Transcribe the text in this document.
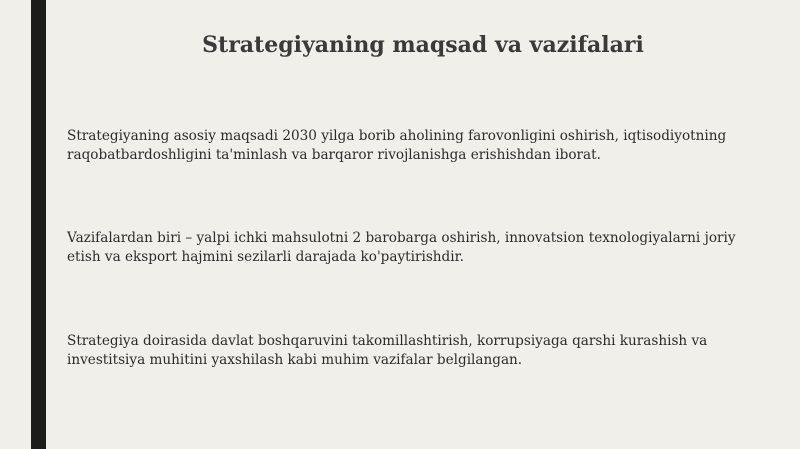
Strategiyaning maqsad va vazifalari

Strategiyaning asosiy maqsadi 2030 yilga borib aholining farovonligini oshirish, iqtisodiyotning raqobatbardoshligini ta'minlash va barqaror rivojlanishga erishishdan iborat.

Vazifalardan biri – yalpi ichki mahsulotni 2 barobarga oshirish, innovatsion texnologiyalarni joriy etish va eksport hajmini sezilarli darajada ko'paytirishdir.

Strategiya doirasida davlat boshqaruvini takomillashtirish, korrupsiyaga qarshi kurashish va investitsiya muhitini yaxshilash kabi muhim vazifalar belgilangan.
